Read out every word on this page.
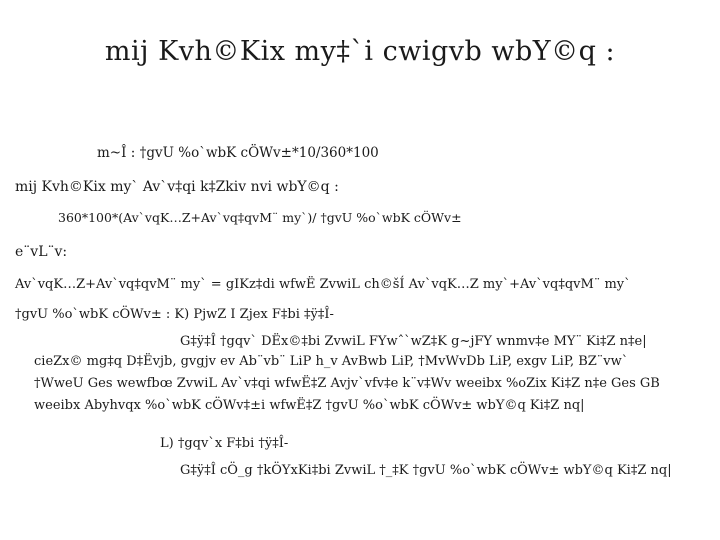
mij Kvh©Kix my‡`i cwigvb wbY©q :
m~Î : †gvU %o`wbK cÖWv±*10/360*100
mij Kvh©Kix my` Av`v‡qi k‡Zkiv nvi wbY©q :
360*100*(Av`vqK…Z+Av`vq‡qvM¨ my`)/ †gvU %o`wbK cÖWv±
e¨vL¨v:
Av`vqK…Z+Av`vq‡qvM¨ my` = gIKz‡di wfwË ZvwiL ch©šÍ Av`vqK…Z my`+Av`vq‡qvM¨ my`
†gvU %o`wbK cÖWv± : K) PjwZ I Zjex F‡bi ‡ÿ‡Î-
G‡ÿ‡Î †gqv` DËx©‡bi ZvwiL FYwˆ`wZ‡K g~jFY wnmv‡e MY¨ Ki‡Z n‡e|
cieZx© mg‡q D‡Ëvjb, gvgjv ev Ab¨vb¨ LiP h_v AvBwb LiP, †MvWvDb LiP, exgv LiP, BZ¨vw`
†WweU Ges wewfbœ ZvwiL Av`v‡qi wfwË‡Z Avjv`vfv‡e k¨v‡Wv weeibx %oZix Ki‡Z n‡e Ges GB
weeibx Abyhvqx %o`wbK cÖWv‡±i wfwË‡Z †gvU %o`wbK cÖWv± wbY©q Ki‡Z nq|
L) †gqv`x F‡bi †ÿ‡Î-
G‡ÿ‡Î cÖ_g †kÖYxKi‡bi ZvwiL †_‡K †gvU %o`wbK cÖWv± wbY©q Ki‡Z nq|
